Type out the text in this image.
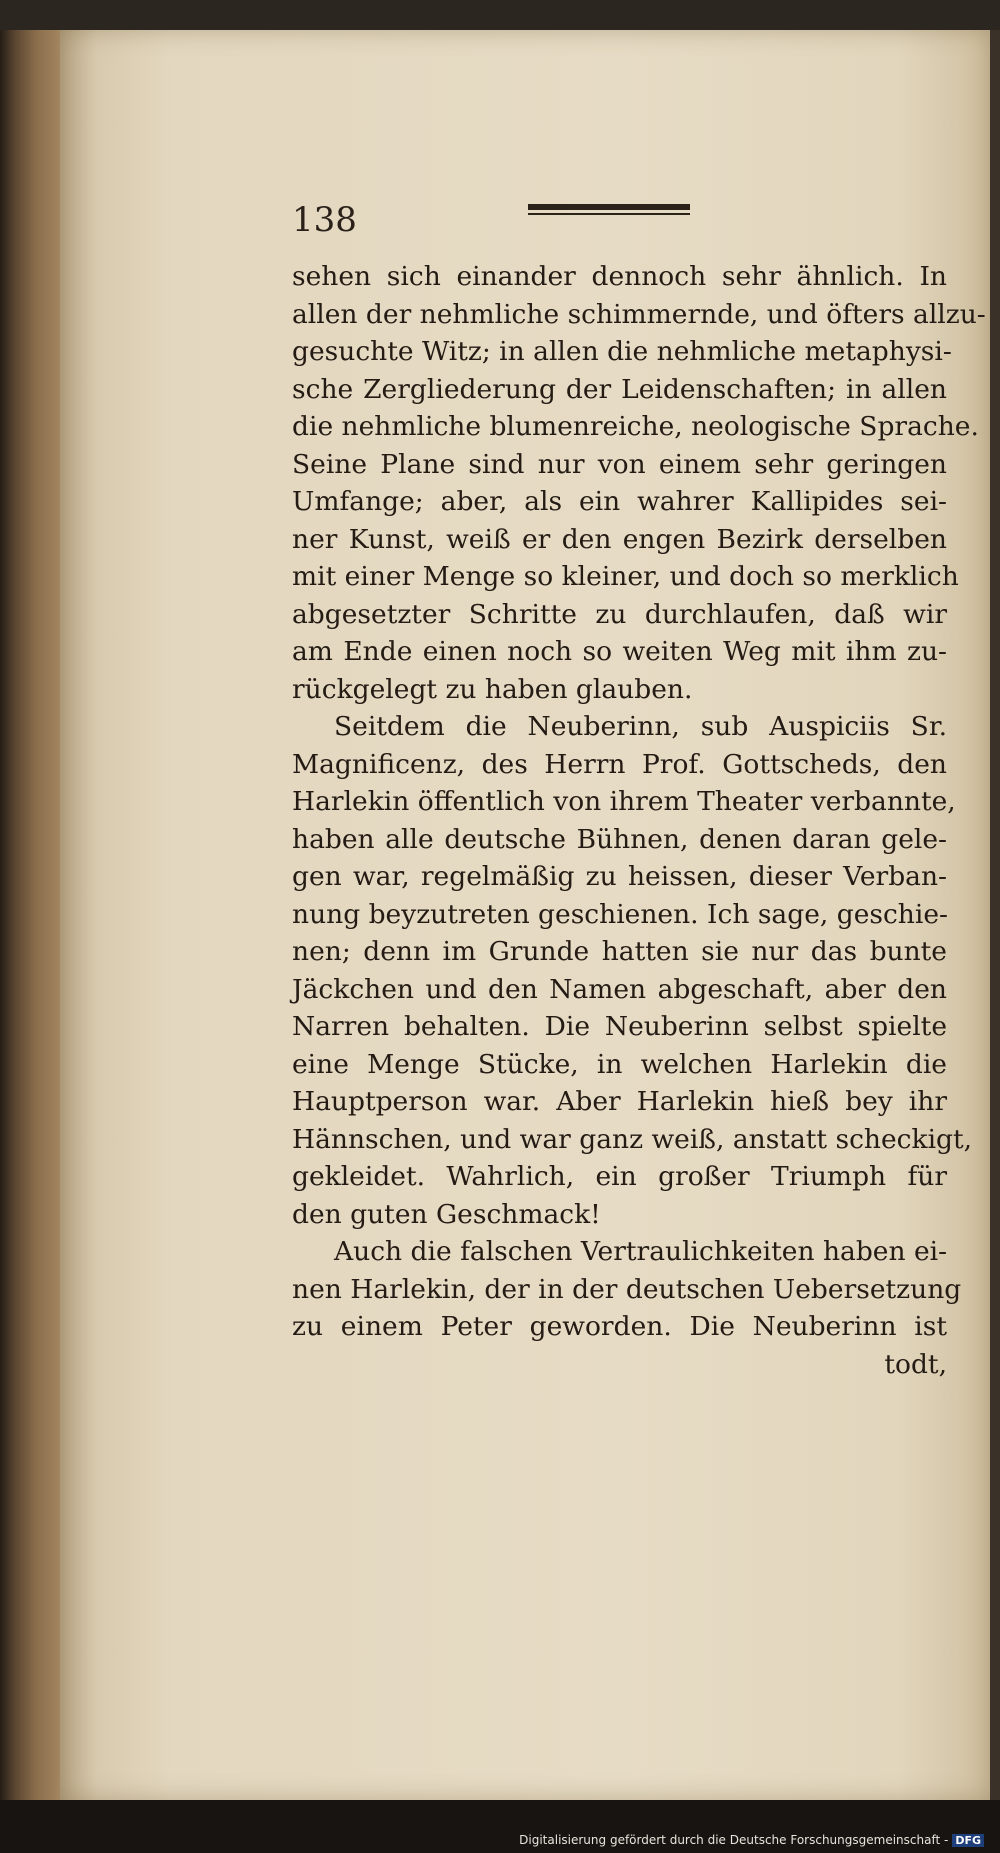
138
sehen sich einander dennoch sehr ähnlich. In
allen der nehmliche schimmernde, und öfters allzu-
gesuchte Witz; in allen die nehmliche metaphysi-
sche Zergliederung der Leidenschaften; in allen
die nehmliche blumenreiche, neologische Sprache.
Seine Plane sind nur von einem sehr geringen
Umfange; aber, als ein wahrer Kallipides sei-
ner Kunst, weiß er den engen Bezirk derselben
mit einer Menge so kleiner, und doch so merklich
abgesetzter Schritte zu durchlaufen, daß wir
am Ende einen noch so weiten Weg mit ihm zu-
rückgelegt zu haben glauben.
Seitdem die Neuberinn, sub Auspiciis Sr.
Magnificenz, des Herrn Prof. Gottscheds, den
Harlekin öffentlich von ihrem Theater verbannte,
haben alle deutsche Bühnen, denen daran gele-
gen war, regelmäßig zu heissen, dieser Verban-
nung beyzutreten geschienen. Ich sage, geschie-
nen; denn im Grunde hatten sie nur das bunte
Jäckchen und den Namen abgeschaft, aber den
Narren behalten. Die Neuberinn selbst spielte
eine Menge Stücke, in welchen Harlekin die
Hauptperson war. Aber Harlekin hieß bey ihr
Hännschen, und war ganz weiß, anstatt scheckigt,
gekleidet. Wahrlich, ein großer Triumph für
den guten Geschmack!
Auch die falschen Vertraulichkeiten haben ei-
nen Harlekin, der in der deutschen Uebersetzung
zu einem Peter geworden. Die Neuberinn ist
todt,
Digitalisierung gefördert durch die Deutsche Forschungsgemeinschaft - DFG
